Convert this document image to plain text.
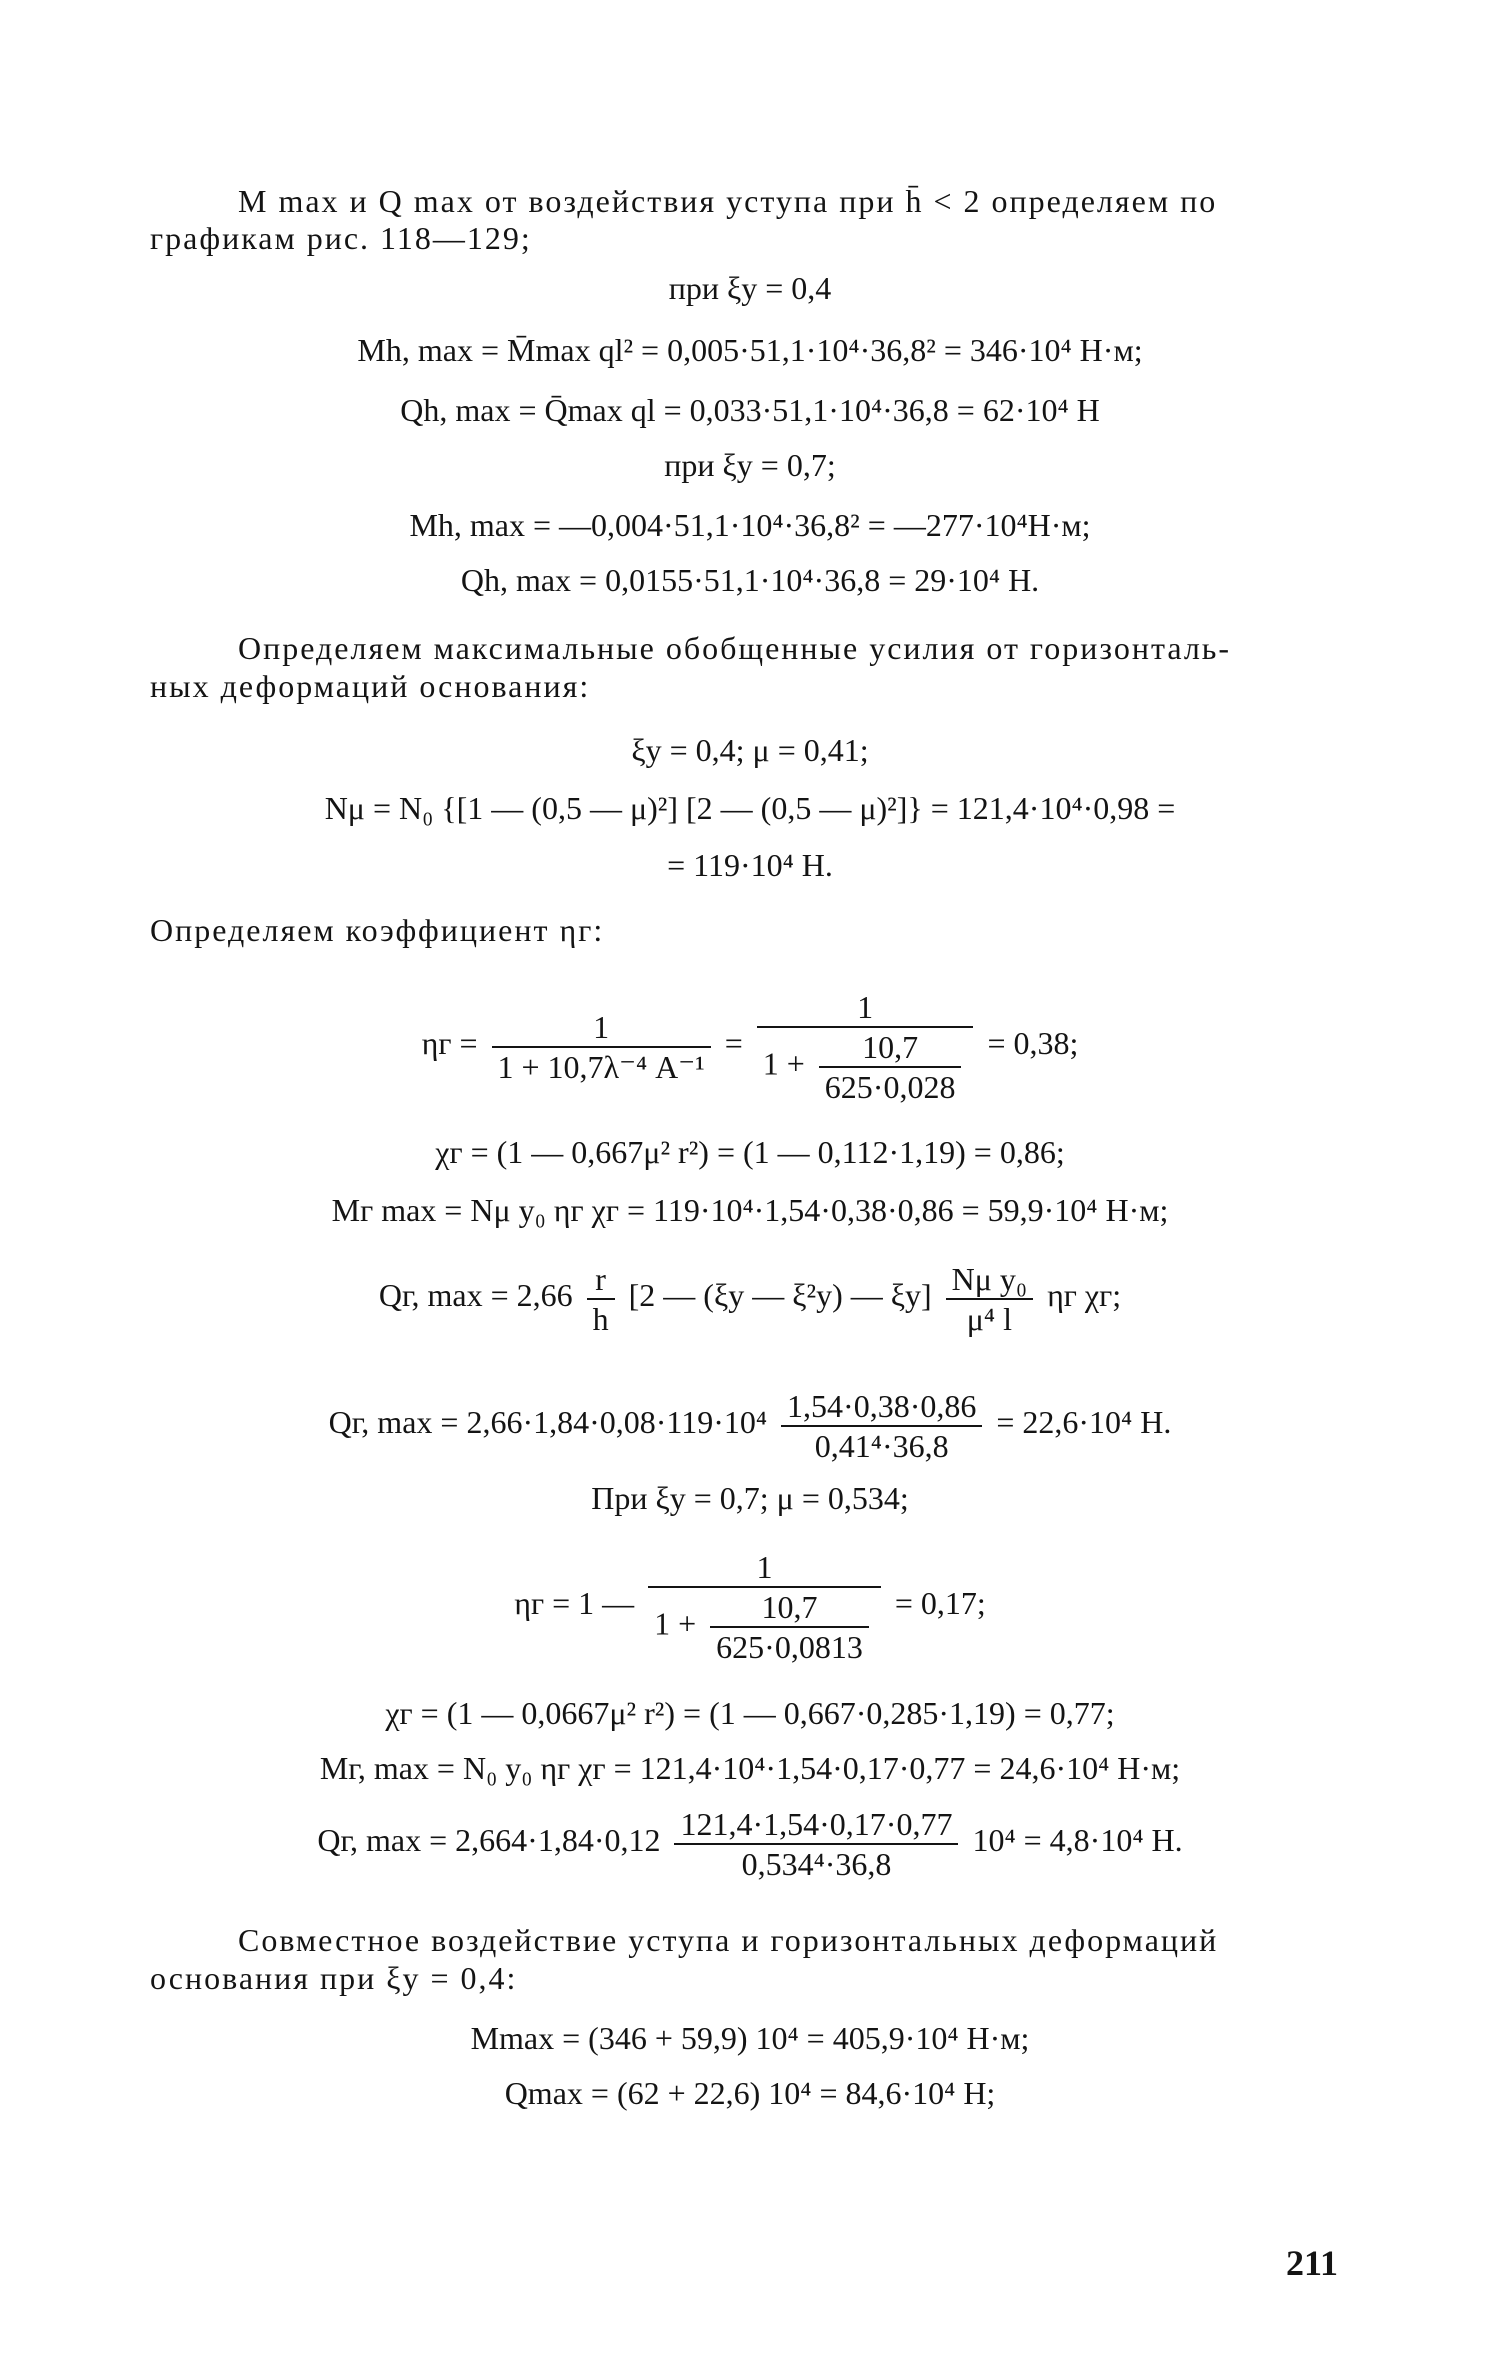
M max и Q max от воздействия уступа при h̄ < 2 определяем по

графикам рис. 118—129;

при ξy = 0,4

Mh, max = M̄max ql² = 0,005·51,1·10⁴·36,8² = 346·10⁴ Н·м;

Qh, max = Q̄max ql = 0,033·51,1·10⁴·36,8 = 62·10⁴ Н

при ξy = 0,7;

Mh, max = —0,004·51,1·10⁴·36,8² = —277·10⁴Н·м;

Qh, max = 0,0155·51,1·10⁴·36,8 = 29·10⁴ Н.

Определяем максимальные обобщенные усилия от горизонталь-

ных деформаций основания:

ξy = 0,4; μ = 0,41;

Nμ = N₀ {[1 — (0,5 — μ)²] [2 — (0,5 — μ)²]} = 121,4·10⁴·0,98 =

= 119·10⁴ Н.

Определяем коэффициент ηг:

$\eta г = \frac{1}{\text{1 + 10,7λ⁻⁴ A⁻¹}} = \frac{1}{1 + \frac{10,7}{625\cdot 0,028}} = 0,38$;

χг = (1 — 0,667μ² r²) = (1 — 0,112·1,19) = 0,86;

Mг max = Nμ y₀ ηг χг = 119·10⁴·1,54·0,38·0,86 = 59,9·10⁴ Н·м;

Qг, $\max = 2,66 \frac{r}{h} [2$ — (ξy — ξ²y) — $\xi y] \frac{\text{Nμ y₀}}{\text{μ⁴ l}}$ ηг χг;
Qг, $\max = 2,66\cdot 1,84\cdot 0,08\cdot 119\cdot 10^4 \frac{1,54\cdot 0,38\cdot 0,86}{\text{0,41⁴·36,8}} = 22,6\cdot 10^4$ Н.

При ξy = 0,7; μ = 0,534;

ηг = 1 — $\frac{1}{1 + \frac{10,7}{625\cdot 0,0813}} = 0,17$;

χг = (1 — 0,0667μ² r²) = (1 — 0,667·0,285·1,19) = 0,77;

Mг, max = N₀ y₀ ηг χг = 121,4·10⁴·1,54·0,17·0,77 = 24,6·10⁴ Н·м;

Qг, $\max = 2,664\cdot 1,84\cdot 0,12 \frac{121,4\cdot 1,54\cdot 0,17\cdot 0,77}{\text{0,534⁴·36,8}} 10^4 = 4,8\cdot 10^4$ Н.

Совместное воздействие уступа и горизонтальных деформаций

основания при ξy = 0,4:

Mmax = (346 + 59,9) 10⁴ = 405,9·10⁴ Н·м;

Qmax = (62 + 22,6) 10⁴ = 84,6·10⁴ Н;

211
